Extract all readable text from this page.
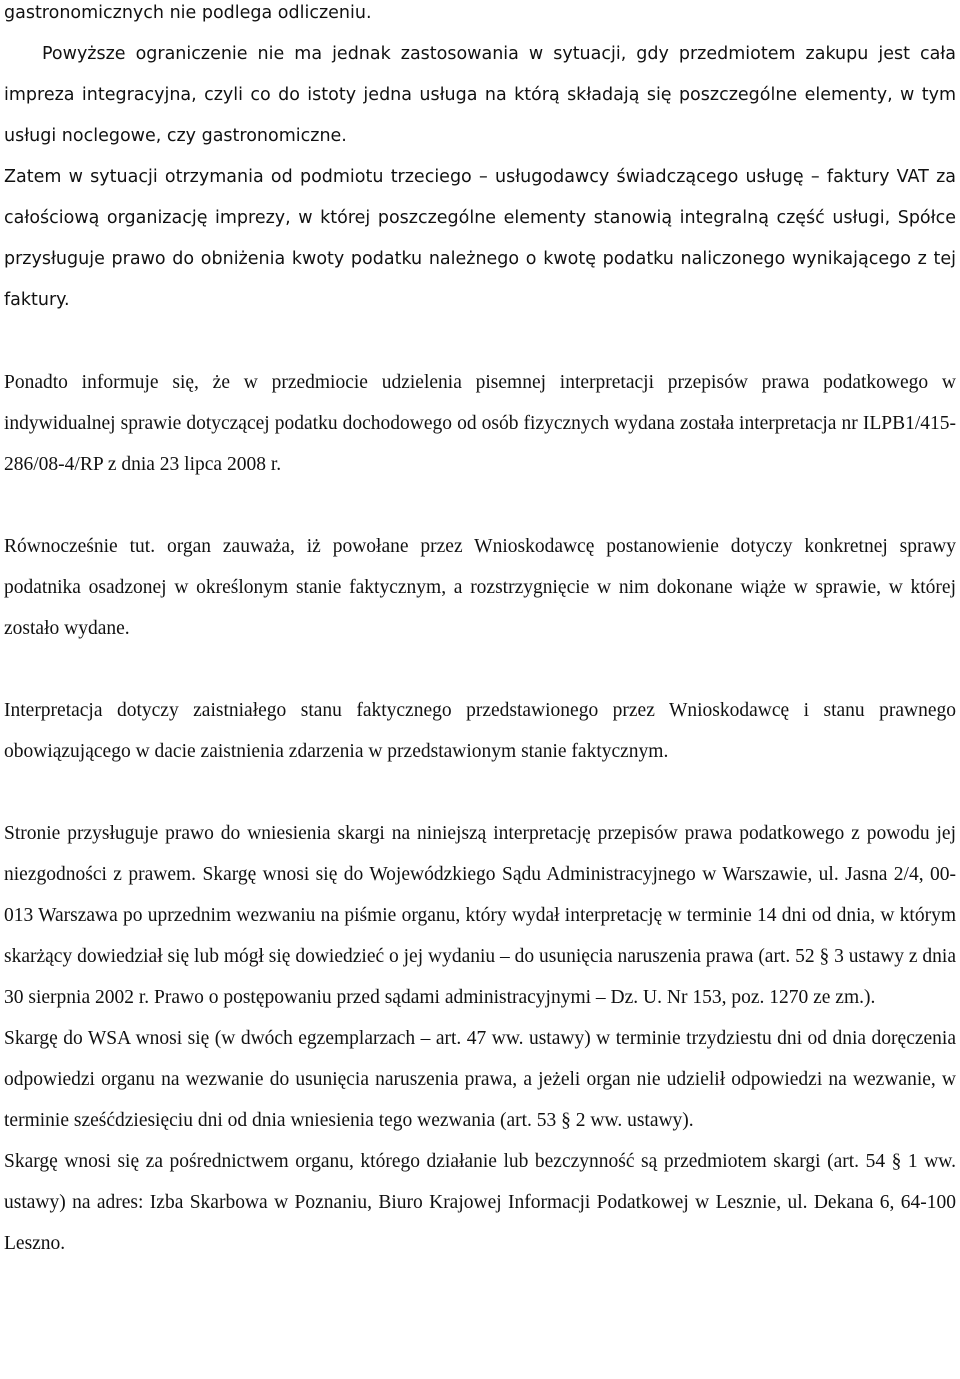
gastronomicznych nie podlega odliczeniu.

Powyższe ograniczenie nie ma jednak zastosowania w sytuacji, gdy przedmiotem zakupu jest cała impreza integracyjna, czyli co do istoty jedna usługa na którą składają się poszczególne elementy, w tym usługi noclegowe, czy gastronomiczne.

Zatem w sytuacji otrzymania od podmiotu trzeciego – usługodawcy świadczącego usługę – faktury VAT za całościową organizację imprezy, w której poszczególne elementy stanowią integralną część usługi, Spółce przysługuje prawo do obniżenia kwoty podatku należnego o kwotę podatku naliczonego wynikającego z tej faktury.

Ponadto informuje się, że w przedmiocie udzielenia pisemnej interpretacji przepisów prawa podatkowego w indywidualnej sprawie dotyczącej podatku dochodowego od osób fizycznych wydana została interpretacja nr ILPB1/415-286/08-4/RP z dnia 23 lipca 2008 r.

Równocześnie tut. organ zauważa, iż powołane przez Wnioskodawcę postanowienie dotyczy konkretnej sprawy podatnika osadzonej w określonym stanie faktycznym, a rozstrzygnięcie w nim dokonane wiąże w sprawie, w której zostało wydane.

Interpretacja dotyczy zaistniałego stanu faktycznego przedstawionego przez Wnioskodawcę i stanu prawnego obowiązującego w dacie zaistnienia zdarzenia w przedstawionym stanie faktycznym.

Stronie przysługuje prawo do wniesienia skargi na niniejszą interpretację przepisów prawa podatkowego z powodu jej niezgodności z prawem. Skargę wnosi się do Wojewódzkiego Sądu Administracyjnego w Warszawie, ul. Jasna 2/4, 00-013 Warszawa po uprzednim wezwaniu na piśmie organu, który wydał interpretację w terminie 14 dni od dnia, w którym skarżący dowiedział się lub mógł się dowiedzieć o jej wydaniu – do usunięcia naruszenia prawa (art. 52 § 3 ustawy z dnia 30 sierpnia 2002 r. Prawo o postępowaniu przed sądami administracyjnymi – Dz. U. Nr 153, poz. 1270 ze zm.).

Skargę do WSA wnosi się (w dwóch egzemplarzach – art. 47 ww. ustawy) w terminie trzydziestu dni od dnia doręczenia odpowiedzi organu na wezwanie do usunięcia naruszenia prawa, a jeżeli organ nie udzielił odpowiedzi na wezwanie, w terminie sześćdziesięciu dni od dnia wniesienia tego wezwania (art. 53 § 2 ww. ustawy).

Skargę wnosi się za pośrednictwem organu, którego działanie lub bezczynność są przedmiotem skargi (art. 54 § 1 ww. ustawy) na adres: Izba Skarbowa w Poznaniu, Biuro Krajowej Informacji Podatkowej w Lesznie, ul. Dekana 6, 64-100 Leszno.
